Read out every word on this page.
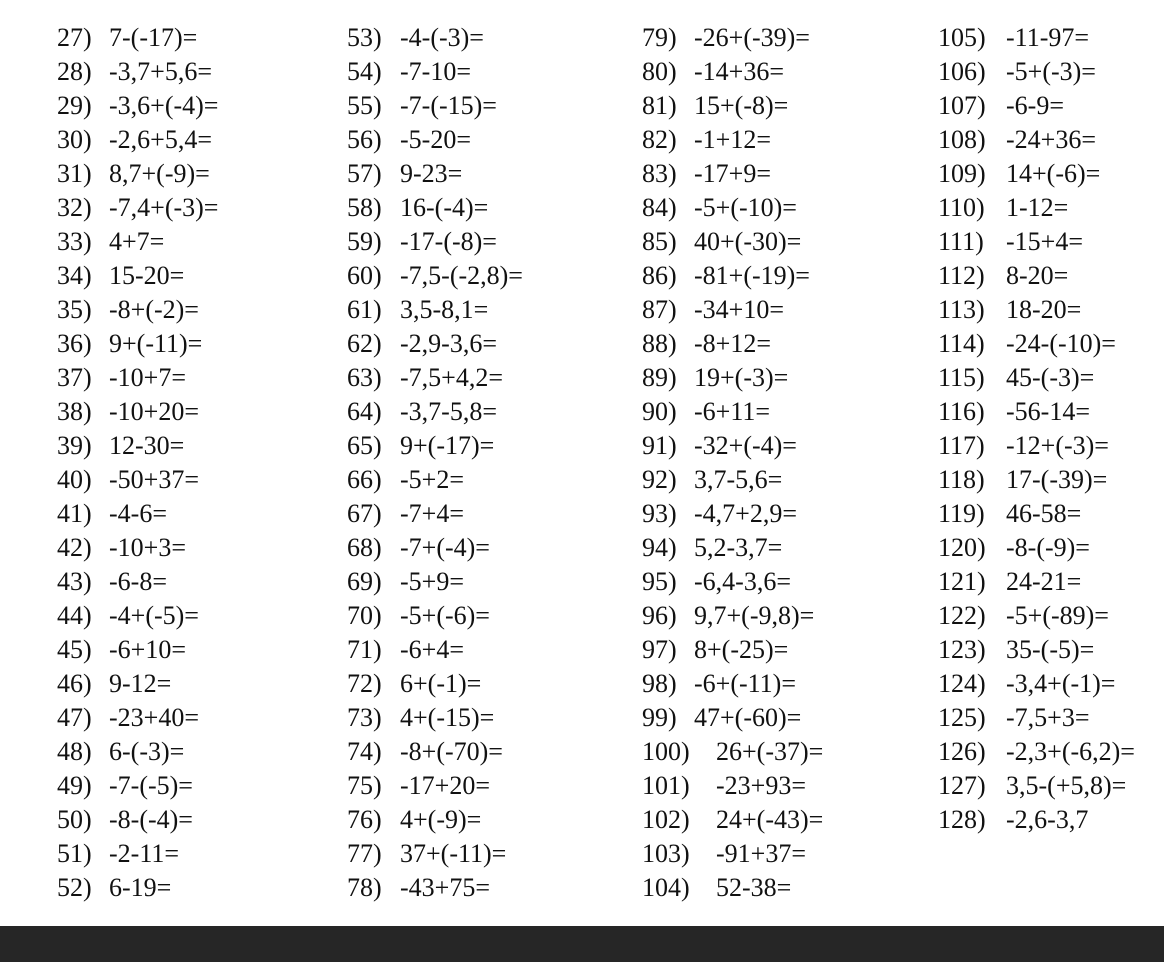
27) 7-(-17)=
28) -3,7+5,6=
29) -3,6+(-4)=
30) -2,6+5,4=
31) 8,7+(-9)=
32) -7,4+(-3)=
33) 4+7=
34) 15-20=
35) -8+(-2)=
36) 9+(-11)=
37) -10+7=
38) -10+20=
39) 12-30=
40) -50+37=
41) -4-6=
42) -10+3=
43) -6-8=
44) -4+(-5)=
45) -6+10=
46) 9-12=
47) -23+40=
48) 6-(-3)=
49) -7-(-5)=
50) -8-(-4)=
51) -2-11=
52) 6-19=
53) -4-(-3)=
54) -7-10=
55) -7-(-15)=
56) -5-20=
57) 9-23=
58) 16-(-4)=
59) -17-(-8)=
60) -7,5-(-2,8)=
61) 3,5-8,1=
62) -2,9-3,6=
63) -7,5+4,2=
64) -3,7-5,8=
65) 9+(-17)=
66) -5+2=
67) -7+4=
68) -7+(-4)=
69) -5+9=
70) -5+(-6)=
71) -6+4=
72) 6+(-1)=
73) 4+(-15)=
74) -8+(-70)=
75) -17+20=
76) 4+(-9)=
77) 37+(-11)=
78) -43+75=
79) -26+(-39)=
80) -14+36=
81) 15+(-8)=
82) -1+12=
83) -17+9=
84) -5+(-10)=
85) 40+(-30)=
86) -81+(-19)=
87) -34+10=
88) -8+12=
89) 19+(-3)=
90) -6+11=
91) -32+(-4)=
92) 3,7-5,6=
93) -4,7+2,9=
94) 5,2-3,7=
95) -6,4-3,6=
96) 9,7+(-9,8)=
97) 8+(-25)=
98) -6+(-11)=
99) 47+(-60)=
100) 26+(-37)=
101) -23+93=
102) 24+(-43)=
103) -91+37=
104) 52-38=
105) -11-97=
106) -5+(-3)=
107) -6-9=
108) -24+36=
109) 14+(-6)=
110) 1-12=
111) -15+4=
112) 8-20=
113) 18-20=
114) -24-(-10)=
115) 45-(-3)=
116) -56-14=
117) -12+(-3)=
118) 17-(-39)=
119) 46-58=
120) -8-(-9)=
121) 24-21=
122) -5+(-89)=
123) 35-(-5)=
124) -3,4+(-1)=
125) -7,5+3=
126) -2,3+(-6,2)=
127) 3,5-(+5,8)=
128) -2,6-3,7
